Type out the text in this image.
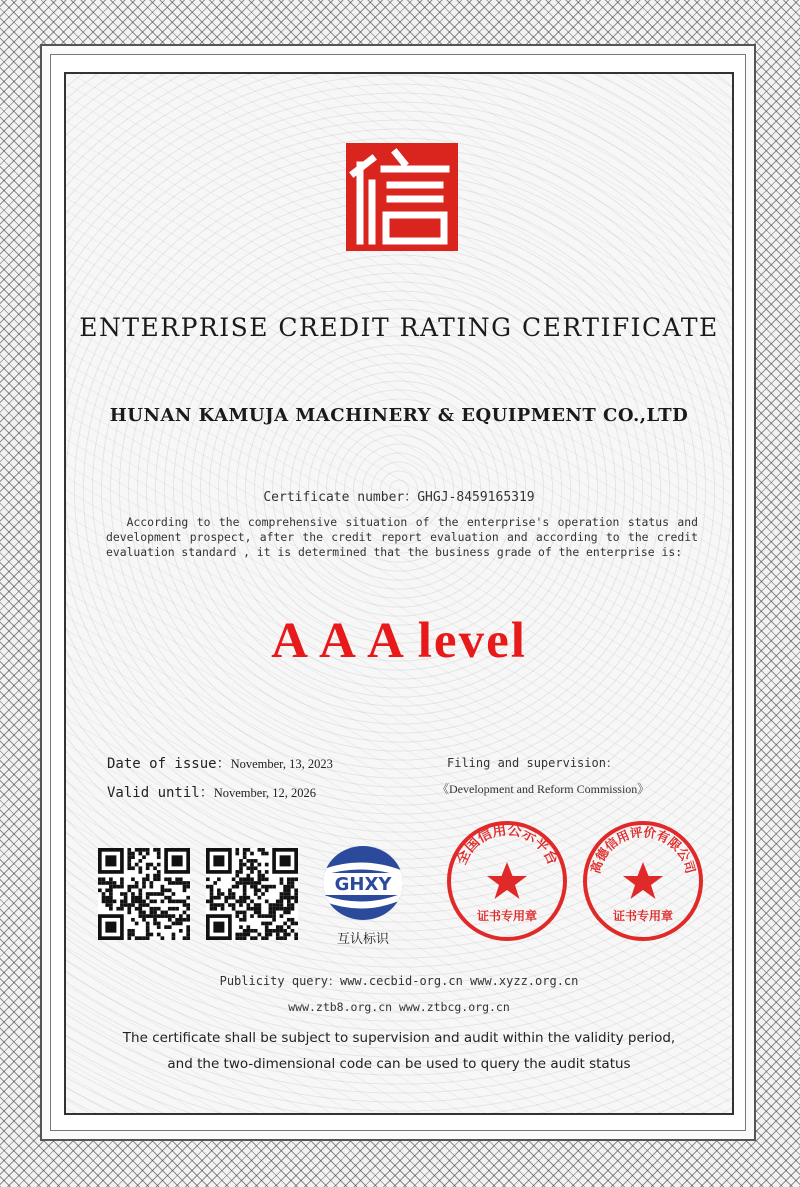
ENTERPRISE CREDIT RATING CERTIFICATE
HUNAN KAMUJA MACHINERY & EQUIPMENT CO.,LTD
Certificate number：GHGJ-8459165319
According to the comprehensive situation of the enterprise's operation status and development prospect, after the credit report evaluation and according to the credit evaluation standard , it is determined that the business grade of the enterprise is:
A A A level
Date of issue：November, 13, 2023
Valid until：November, 12, 2026
Filing and supervision：
《Development and Reform Commission》
GHXY
互认标识
全国信用公示平台
证书专用章
高德信用评价有限公司
证书专用章
Publicity query：www.cecbid-org.cn www.xyzz.org.cn
www.ztb8.org.cn www.ztbcg.org.cn
The certificate shall be subject to supervision and audit within the validity period,
and the two-dimensional code can be used to query the audit status
